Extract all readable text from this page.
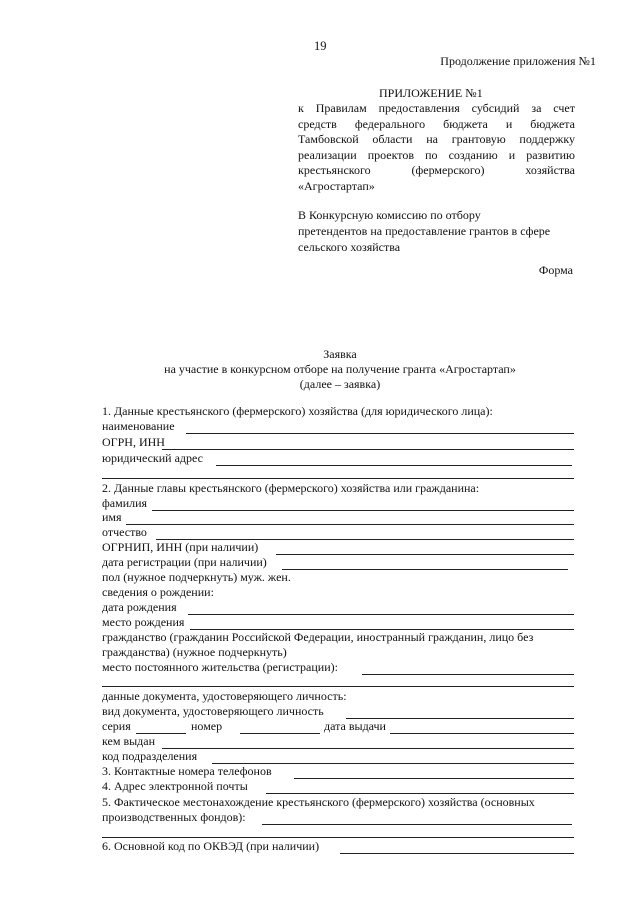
19
Продолжение приложения №1
ПРИЛОЖЕНИЕ №1
к Правилам предоставления субсидий за счет
средств федерального бюджета и бюджета
Тамбовской области на грантовую поддержку
реализации проектов по созданию и развитию
крестьянского (фермерского) хозяйства
«Агростартап»
В Конкурсную комиссию по отбору
претендентов на предоставление грантов в сфере
сельского хозяйства
Форма
Заявка
на участие в конкурсном отборе на получение гранта «Агростартап»
(далее – заявка)
1. Данные крестьянского (фермерского) хозяйства (для юридического лица):
наименование
ОГРН, ИНН
юридический адрес
2. Данные главы крестьянского (фермерского) хозяйства или гражданина:
фамилия
имя
отчество
ОГРНИП, ИНН (при наличии)
дата регистрации (при наличии)
пол (нужное подчеркнуть) муж. жен.
сведения о рождении:
дата рождения
место рождения
гражданство (гражданин Российской Федерации, иностранный гражданин, лицо без
гражданства) (нужное подчеркнуть)
место постоянного жительства (регистрации):
данные документа, удостоверяющего личность:
вид документа, удостоверяющего личность
серия	номер	дата выдачи
кем выдан
код подразделения
3. Контактные номера телефонов
4. Адрес электронной почты
5. Фактическое местонахождение крестьянского (фермерского) хозяйства (основных
производственных фондов):
6. Основной код по ОКВЭД (при наличии)
